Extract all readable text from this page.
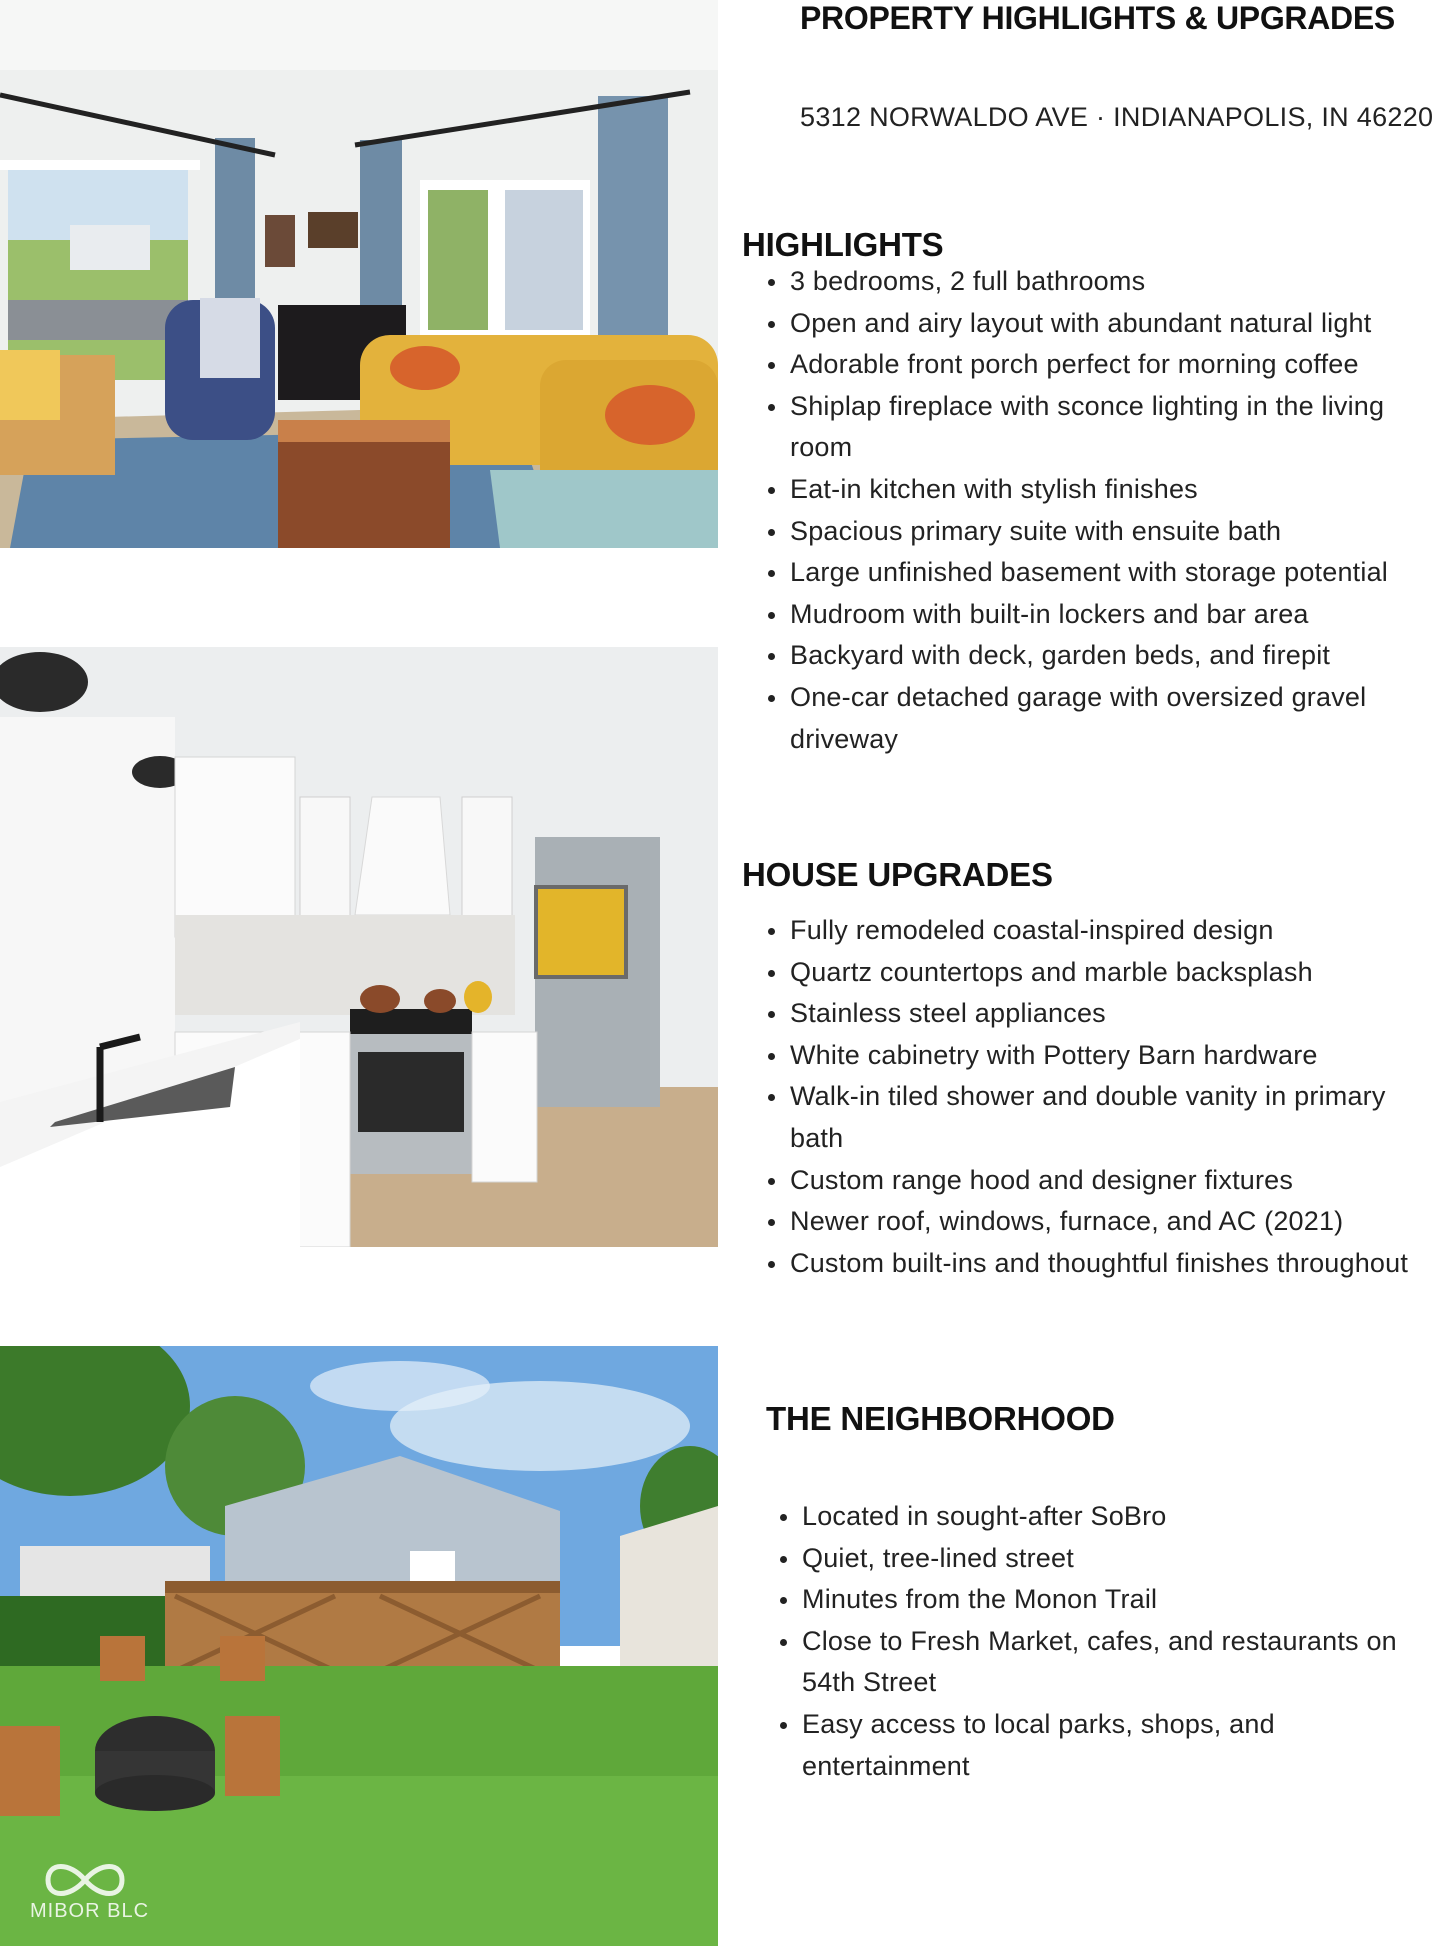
MIBOR BLC
PROPERTY HIGHLIGHTS & UPGRADES

5312 NORWALDO AVE · INDIANAPOLIS, IN 46220

HIGHLIGHTS
3 bedrooms, 2 full bathrooms
Open and airy layout with abundant natural light
Adorable front porch perfect for morning coffee
Shiplap fireplace with sconce lighting in the living room
Eat-in kitchen with stylish finishes
Spacious primary suite with ensuite bath
Large unfinished basement with storage potential
Mudroom with built-in lockers and bar area
Backyard with deck, garden beds, and firepit
One-car detached garage with oversized gravel driveway
HOUSE UPGRADES
Fully remodeled coastal-inspired design
Quartz countertops and marble backsplash
Stainless steel appliances
White cabinetry with Pottery Barn hardware
Walk-in tiled shower and double vanity in primary bath
Custom range hood and designer fixtures
Newer roof, windows, furnace, and AC (2021)
Custom built-ins and thoughtful finishes throughout
THE NEIGHBORHOOD
Located in sought-after SoBro
Quiet, tree-lined street
Minutes from the Monon Trail
Close to Fresh Market, cafes, and restaurants on 54th Street
Easy access to local parks, shops, and entertainment
